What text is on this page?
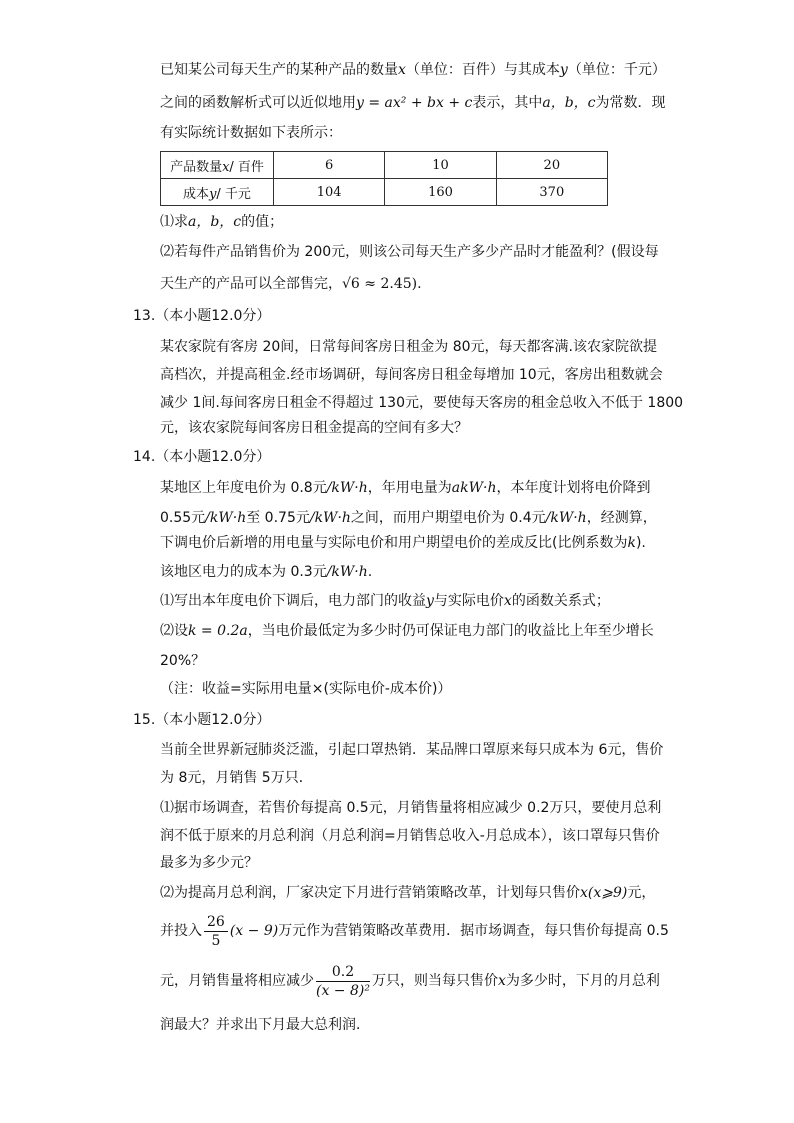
已知某公司每天生产的某种产品的数量x（单位：百件）与其成本y（单位：千元）
之间的函数解析式可以近似地用y = ax² + bx + c表示，其中a，b，c为常数．现
有实际统计数据如下表所示：
产品数量x/ 百件	6	10	20
成本y/ 千元	104	160	370
⑴求a，b，c的值；
⑵若每件产品销售价为 200元，则该公司每天生产多少产品时才能盈利？(假设每
天生产的产品可以全部售完，√6 ≈ 2.45).
13.（本小题12.0分）
某农家院有客房 20间，日常每间客房日租金为 80元，每天都客满.该农家院欲提
高档次，并提高租金.经市场调研，每间客房日租金每增加 10元，客房出租数就会
减少 1间.每间客房日租金不得超过 130元，要使每天客房的租金总收入不低于 1800
元，该农家院每间客房日租金提高的空间有多大？
14.（本小题12.0分）
某地区上年度电价为 0.8元/kW·h，年用电量为akW·h，本年度计划将电价降到
0.55元/kW·h至 0.75元/kW·h之间，而用户期望电价为 0.4元/kW·h，经测算，
下调电价后新增的用电量与实际电价和用户期望电价的差成反比(比例系数为k).
该地区电力的成本为 0.3元/kW·h.
⑴写出本年度电价下调后，电力部门的收益y与实际电价x的函数关系式；
⑵设k = 0.2a，当电价最低定为多少时仍可保证电力部门的收益比上年至少增长
20%？
（注：收益=实际用电量×(实际电价-成本价)）
15.（本小题12.0分）
当前全世界新冠肺炎泛滥，引起口罩热销．某品牌口罩原来每只成本为 6元，售价
为 8元，月销售 5万只．
⑴据市场调查，若售价每提高 0.5元，月销售量将相应减少 0.2万只，要使月总利
润不低于原来的月总利润（月总利润=月销售总收入-月总成本），该口罩每只售价
最多为多少元？
⑵为提高月总利润，厂家决定下月进行营销策略改革，计划每只售价x(x⩾9)元，
并投入 $\frac{26}{5} (x - 9)$万元作为营销策略改革费用．据市场调查，每只售价每提高 0.5
元，月销售量将相应减少 $\frac{0.2}{\text{(x − 8)²}}$ 万只，则当每只售价x为多少时，下月的月总利
润最大？并求出下月最大总利润．
